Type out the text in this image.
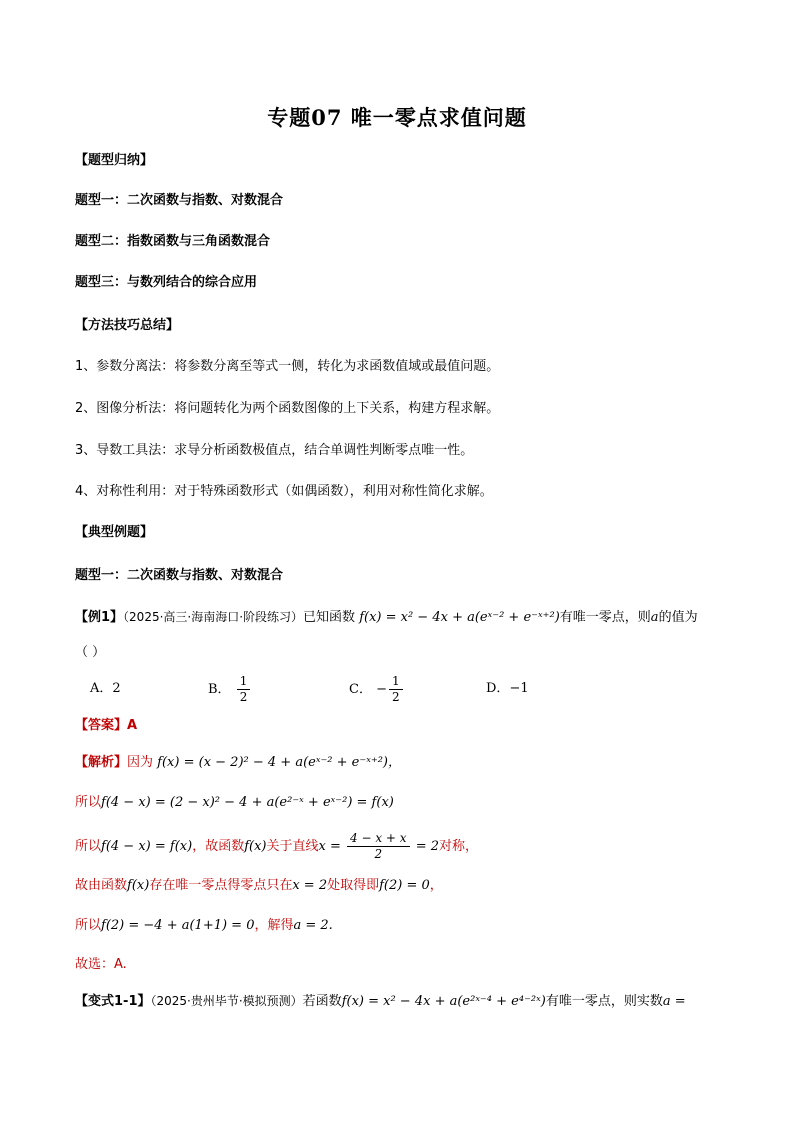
专题07 唯一零点求值问题
【题型归纳】
题型一：二次函数与指数、对数混合
题型二：指数函数与三角函数混合
题型三：与数列结合的综合应用
【方法技巧总结】
1、参数分离法：将参数分离至等式一侧，转化为求函数值域或最值问题。
2、图像分析法：将问题转化为两个函数图像的上下关系，构建方程求解。
3、导数工具法：求导分析函数极值点，结合单调性判断零点唯一性。
4、对称性利用：对于特殊函数形式（如偶函数），利用对称性简化求解。
【典型例题】
题型一：二次函数与指数、对数混合
【例1】（2025·高三·海南海口·阶段练习）已知函数 f(x) = x² − 4x + a(eˣ⁻² + e⁻ˣ⁺²)有唯一零点，则a的值为
（ ）
A．2	B． $\frac{1}{2}$	C． − $\frac{1}{2}$	D．−1
【答案】A
【解析】因为 f(x) = (x − 2)² − 4 + a(eˣ⁻² + e⁻ˣ⁺²)，
所以f(4 − x) = (2 − x)² − 4 + a(e²⁻ˣ + eˣ⁻²) = f(x)
所以f(4 − x) = f(x)，故函数f(x)关于直线$x = \frac{4 - x + x}{2} = 2$对称，
故由函数f(x)存在唯一零点得零点只在x = 2处取得即f(2) = 0，
所以f(2) = −4 + a(1+1) = 0，解得a = 2.
故选：A.
【变式1-1】（2025·贵州毕节·模拟预测）若函数f(x) = x² − 4x + a(e²ˣ⁻⁴ + e⁴⁻²ˣ)有唯一零点，则实数a =
